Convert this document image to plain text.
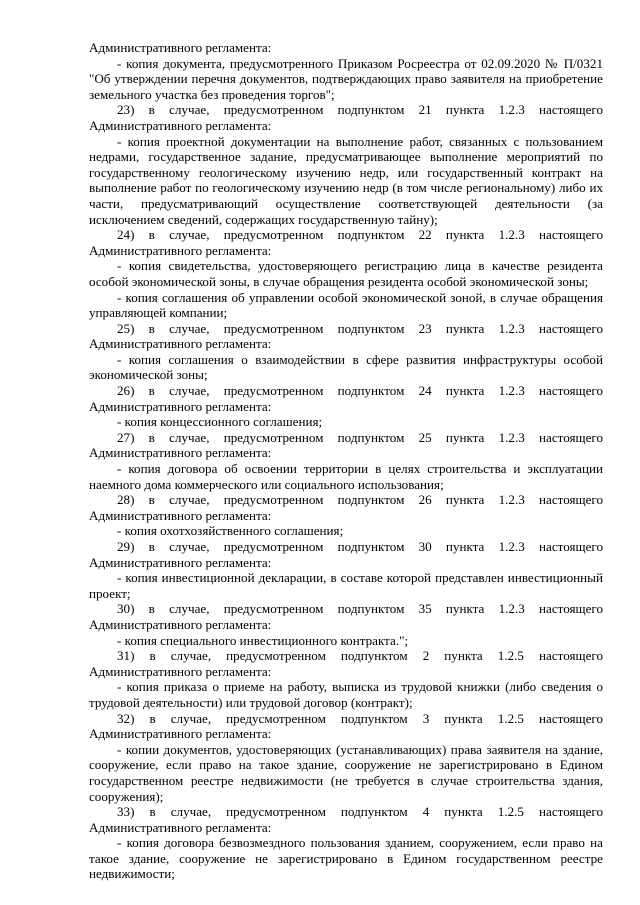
Административного регламента:

- копия документа, предусмотренного Приказом Росреестра от 02.09.2020 № П/0321 "Об утверждении перечня документов, подтверждающих право заявителя на приобретение земельного участка без проведения торгов";

23) в случае, предусмотренном подпунктом 21 пункта 1.2.3 настоящего

Административного регламента:

- копия проектной документации на выполнение работ, связанных с пользованием недрами, государственное задание, предусматривающее выполнение мероприятий по государственному геологическому изучению недр, или государственный контракт на выполнение работ по геологическому изучению недр (в том числе региональному) либо их части, предусматривающий осуществление соответствующей деятельности (за исключением сведений, содержащих государственную тайну);

24) в случае, предусмотренном подпунктом 22 пункта 1.2.3 настоящего

Административного регламента:

- копия свидетельства, удостоверяющего регистрацию лица в качестве резидента особой экономической зоны, в случае обращения резидента особой экономической зоны;

- копия соглашения об управлении особой экономической зоной, в случае обращения управляющей компании;

25) в случае, предусмотренном подпунктом 23 пункта 1.2.3 настоящего

Административного регламента:

- копия соглашения о взаимодействии в сфере развития инфраструктуры особой экономической зоны;

26) в случае, предусмотренном подпунктом 24 пункта 1.2.3 настоящего

Административного регламента:

- копия концессионного соглашения;

27) в случае, предусмотренном подпунктом 25 пункта 1.2.3 настоящего

Административного регламента:

- копия договора об освоении территории в целях строительства и эксплуатации наемного дома коммерческого или социального использования;

28) в случае, предусмотренном подпунктом 26 пункта 1.2.3 настоящего

Административного регламента:

- копия охотхозяйственного соглашения;

29) в случае, предусмотренном подпунктом 30 пункта 1.2.3 настоящего

Административного регламента:

- копия инвестиционной декларации, в составе которой представлен инвестиционный проект;

30) в случае, предусмотренном подпунктом 35 пункта 1.2.3 настоящего

Административного регламента:

- копия специального инвестиционного контракта.";

31) в случае, предусмотренном подпунктом 2 пункта 1.2.5 настоящего

Административного регламента:

- копия приказа о приеме на работу, выписка из трудовой книжки (либо сведения о трудовой деятельности) или трудовой договор (контракт);

32) в случае, предусмотренном подпунктом 3 пункта 1.2.5 настоящего

Административного регламента:

- копии документов, удостоверяющих (устанавливающих) права заявителя на здание, сооружение, если право на такое здание, сооружение не зарегистрировано в Едином государственном реестре недвижимости (не требуется в случае строительства здания, сооружения);

33) в случае, предусмотренном подпунктом 4 пункта 1.2.5 настоящего

Административного регламента:

- копия договора безвозмездного пользования зданием, сооружением, если право на такое здание, сооружение не зарегистрировано в Едином государственном реестре недвижимости;
